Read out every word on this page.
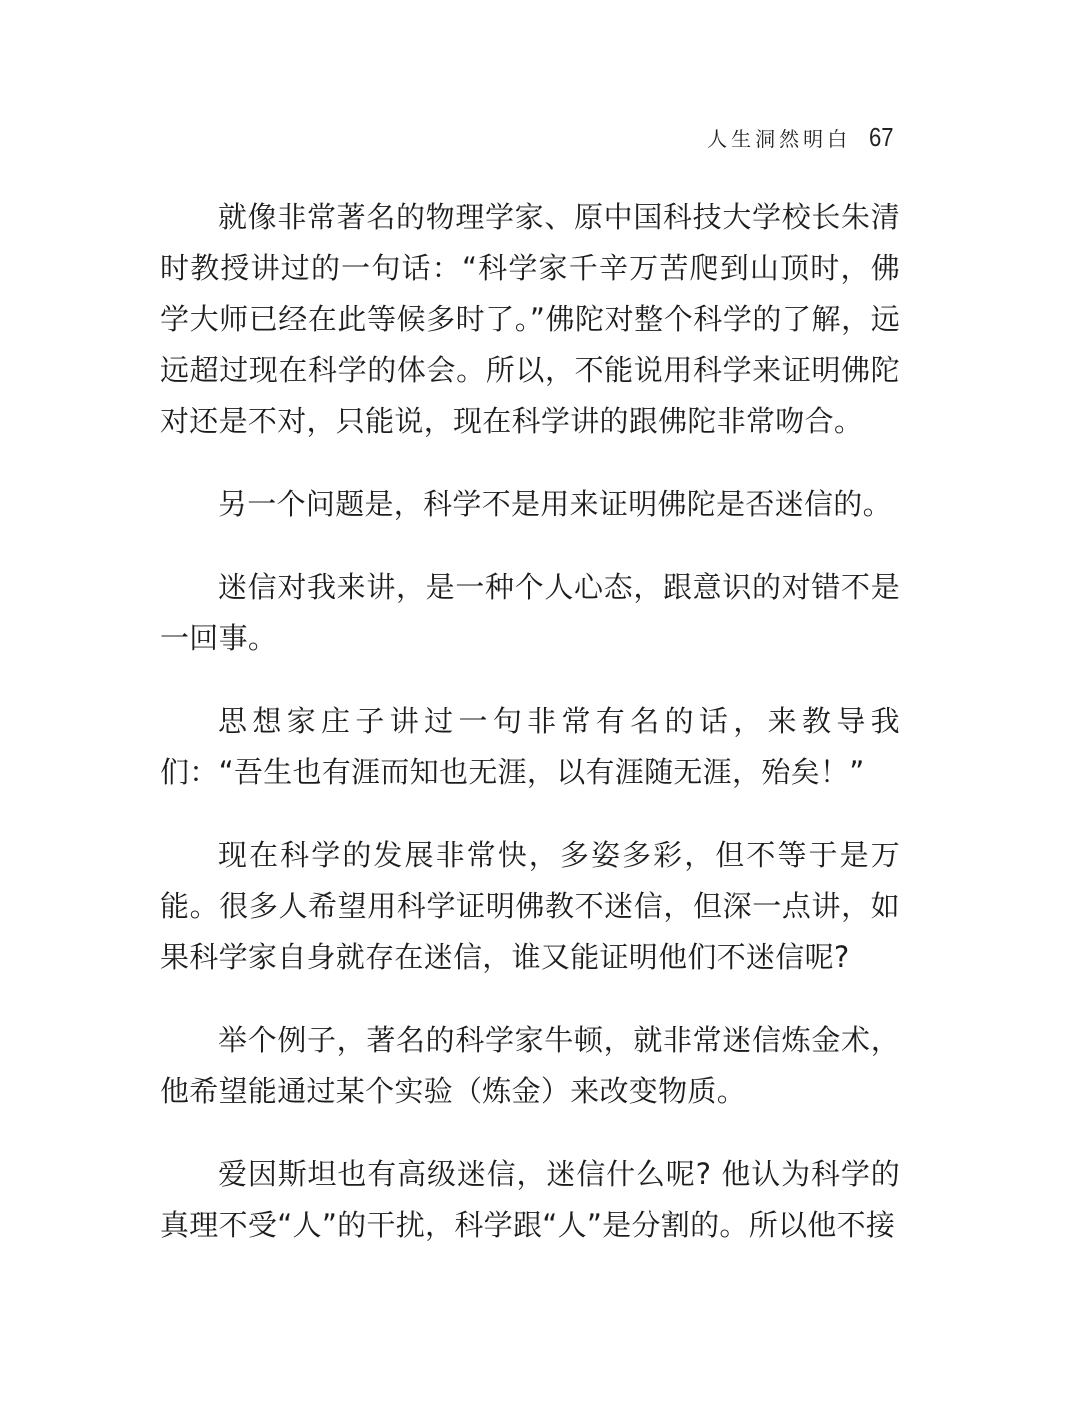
人生洞然明白 67

就像非常著名的物理学家、原中国科技大学校长朱清时教授讲过的一句话：“科学家千辛万苦爬到山顶时，佛学大师已经在此等候多时了。”佛陀对整个科学的了解，远远超过现在科学的体会。所以，不能说用科学来证明佛陀对还是不对，只能说，现在科学讲的跟佛陀非常吻合。

另一个问题是，科学不是用来证明佛陀是否迷信的。

迷信对我来讲，是一种个人心态，跟意识的对错不是一回事。

思想家庄子讲过一句非常有名的话，来教导我们：“吾生也有涯而知也无涯，以有涯随无涯，殆矣！”

现在科学的发展非常快，多姿多彩，但不等于是万能。很多人希望用科学证明佛教不迷信，但深一点讲，如果科学家自身就存在迷信，谁又能证明他们不迷信呢?

举个例子，著名的科学家牛顿，就非常迷信炼金术，他希望能通过某个实验（炼金）来改变物质。

爱因斯坦也有高级迷信，迷信什么呢? 他认为科学的真理不受“人”的干扰，科学跟“人”是分割的。所以他不接
